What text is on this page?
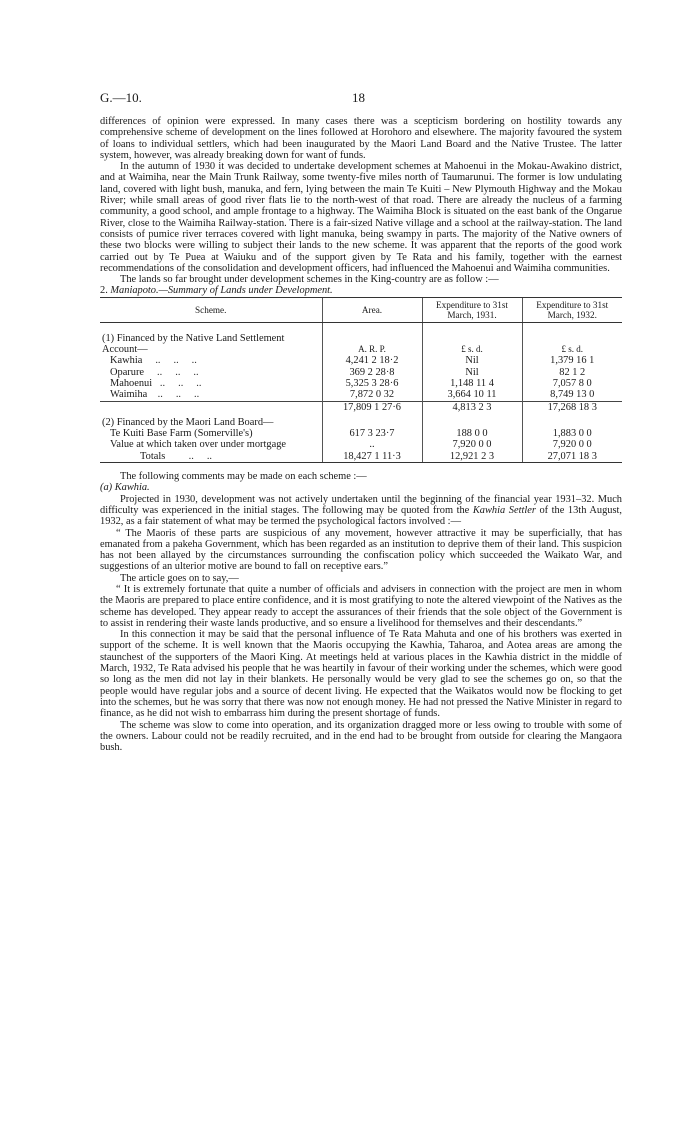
G.—10.	18

differences of opinion were expressed. In many cases there was a scepticism bordering on hostility towards any comprehensive scheme of development on the lines followed at Horohoro and elsewhere. The majority favoured the system of loans to individual settlers, which had been inaugurated by the Maori Land Board and the Native Trustee. The latter system, however, was already breaking down for want of funds.

In the autumn of 1930 it was decided to undertake development schemes at Mahoenui in the Mokau-Awakino district, and at Waimiha, near the Main Trunk Railway, some twenty-five miles north of Taumarunui. The former is low undulating land, covered with light bush, manuka, and fern, lying between the main Te Kuiti – New Plymouth Highway and the Mokau River; while small areas of good river flats lie to the north-west of that road. There are already the nucleus of a farming community, a good school, and ample frontage to a highway. The Waimiha Block is situated on the east bank of the Ongarue River, close to the Waimiha Railway-station. There is a fair-sized Native village and a school at the railway-station. The land consists of pumice river terraces covered with light manuka, being swampy in parts. The majority of the Native owners of these two blocks were willing to subject their lands to the new scheme. It was apparent that the reports of the good work carried out by Te Puea at Waiuku and of the support given by Te Rata and his family, together with the earnest recommendations of the consolidation and development officers, had influenced the Mahoenui and Waimiha communities.

The lands so far brought under development schemes in the King-country are as follow :—

2. Maniapoto.—Summary of Lands under Development.

Scheme.	Area.	Expenditure to 31st March, 1931.	Expenditure to 31st March, 1932.

(1) Financed by the Native Land Settlement Account—	A. R. P.	£ s. d.	£ s. d.
Kawhia     ..     ..     ..	4,241 2 18·2	Nil	1,379 16 1
Oparure     ..     ..     ..	369 2 28·8	Nil	82 1 2
Mahoenui   ..     ..     ..	5,325 3 28·6	1,148 11 4	7,057 8 0
Waimiha    ..     ..     ..	7,872 0 32	3,664 10 11	8,749 13 0
	17,809 1 27·6	4,813 2 3	17,268 18 3

(2) Financed by the Maori Land Board—			
Te Kuiti Base Farm (Somerville's)	617 3 23·7	188 0 0	1,883 0 0
Value at which taken over under mortgage	..	7,920 0 0	7,920 0 0
Totals         ..     ..	18,427 1 11·3	12,921 2 3	27,071 18 3

The following comments may be made on each scheme :—

(a) Kawhia.

Projected in 1930, development was not actively undertaken until the beginning of the financial year 1931–32. Much difficulty was experienced in the initial stages. The following may be quoted from the Kawhia Settler of the 13th August, 1932, as a fair statement of what may be termed the psychological factors involved :—

“ The Maoris of these parts are suspicious of any movement, however attractive it may be superficially, that has emanated from a pakeha Government, which has been regarded as an institution to deprive them of their land. This suspicion has not been allayed by the circumstances surrounding the confiscation policy which succeeded the Waikato War, and suggestions of an ulterior motive are bound to fall on receptive ears.”

The article goes on to say,—

“ It is extremely fortunate that quite a number of officials and advisers in connection with the project are men in whom the Maoris are prepared to place entire confidence, and it is most gratifying to note the altered viewpoint of the Natives as the scheme has developed. They appear ready to accept the assurances of their friends that the sole object of the Government is to assist in rendering their waste lands productive, and so ensure a livelihood for themselves and their descendants.”

In this connection it may be said that the personal influence of Te Rata Mahuta and one of his brothers was exerted in support of the scheme. It is well known that the Maoris occupying the Kawhia, Taharoa, and Aotea areas are among the staunchest of the supporters of the Maori King. At meetings held at various places in the Kawhia district in the middle of March, 1932, Te Rata advised his people that he was heartily in favour of their working under the schemes, which were good so long as the men did not lay in their blankets. He personally would be very glad to see the schemes go on, so that the people would have regular jobs and a source of decent living. He expected that the Waikatos would now be flocking to get into the schemes, but he was sorry that there was now not enough money. He had not pressed the Native Minister in regard to finance, as he did not wish to embarrass him during the present shortage of funds.

The scheme was slow to come into operation, and its organization dragged more or less owing to trouble with some of the owners. Labour could not be readily recruited, and in the end had to be brought from outside for clearing the Mangaora bush.
